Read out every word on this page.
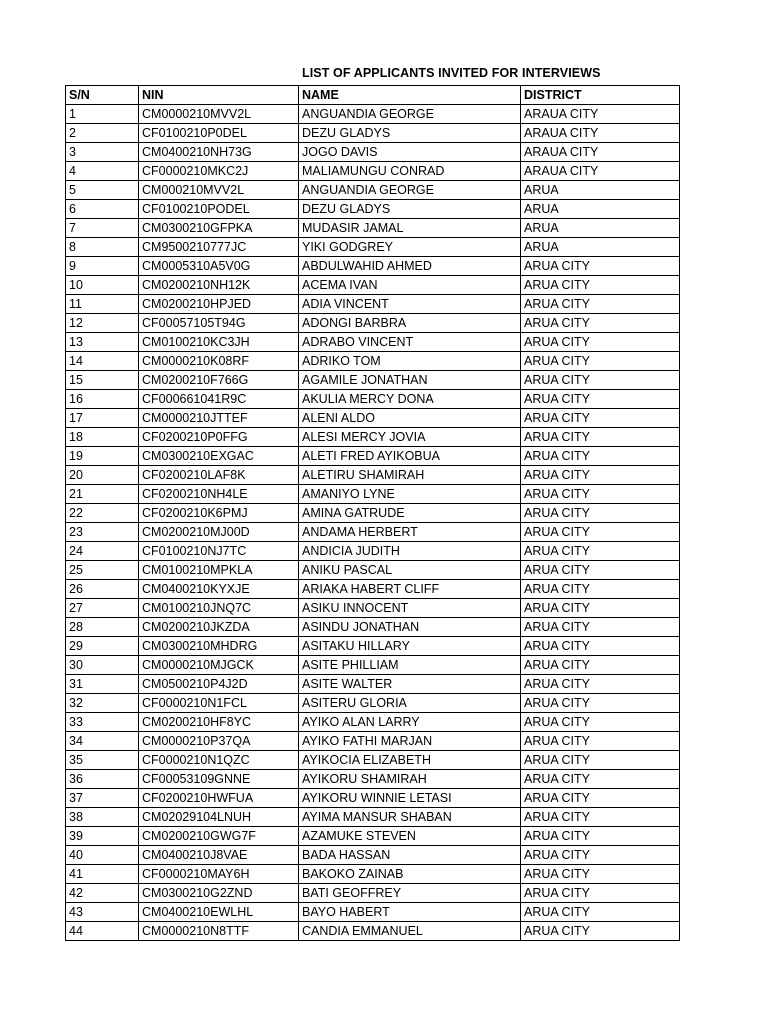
LIST OF APPLICANTS INVITED FOR INTERVIEWS
S/N	NIN	NAME	DISTRICT
1	CM0000210MVV2L	ANGUANDIA GEORGE	ARAUA CITY
2	CF0100210P0DEL	DEZU GLADYS	ARAUA CITY
3	CM0400210NH73G	JOGO DAVIS	ARAUA CITY
4	CF0000210MKC2J	MALIAMUNGU CONRAD	ARAUA CITY
5	CM000210MVV2L	ANGUANDIA GEORGE	ARUA
6	CF0100210PODEL	DEZU GLADYS	ARUA
7	CM0300210GFPKA	MUDASIR JAMAL	ARUA
8	CM9500210777JC	YIKI GODGREY	ARUA
9	CM0005310A5V0G	ABDULWAHID AHMED	ARUA CITY
10	CM0200210NH12K	ACEMA IVAN	ARUA CITY
11	CM0200210HPJED	ADIA VINCENT	ARUA CITY
12	CF00057105T94G	ADONGI BARBRA	ARUA CITY
13	CM0100210KC3JH	ADRABO VINCENT	ARUA CITY
14	CM0000210K08RF	ADRIKO TOM	ARUA CITY
15	CM0200210F766G	AGAMILE JONATHAN	ARUA CITY
16	CF000661041R9C	AKULIA MERCY DONA	ARUA CITY
17	CM0000210JTTEF	ALENI ALDO	ARUA CITY
18	CF0200210P0FFG	ALESI MERCY JOVIA	ARUA CITY
19	CM0300210EXGAC	ALETI FRED AYIKOBUA	ARUA CITY
20	CF0200210LAF8K	ALETIRU SHAMIRAH	ARUA CITY
21	CF0200210NH4LE	AMANIYO LYNE	ARUA CITY
22	CF0200210K6PMJ	AMINA GATRUDE	ARUA CITY
23	CM0200210MJ00D	ANDAMA HERBERT	ARUA CITY
24	CF0100210NJ7TC	ANDICIA JUDITH	ARUA CITY
25	CM0100210MPKLA	ANIKU PASCAL	ARUA CITY
26	CM0400210KYXJE	ARIAKA HABERT CLIFF	ARUA CITY
27	CM0100210JNQ7C	ASIKU INNOCENT	ARUA CITY
28	CM0200210JKZDA	ASINDU JONATHAN	ARUA CITY
29	CM0300210MHDRG	ASITAKU HILLARY	ARUA CITY
30	CM0000210MJGCK	ASITE PHILLIAM	ARUA CITY
31	CM0500210P4J2D	ASITE WALTER	ARUA CITY
32	CF0000210N1FCL	ASITERU GLORIA	ARUA CITY
33	CM0200210HF8YC	AYIKO ALAN LARRY	ARUA CITY
34	CM0000210P37QA	AYIKO FATHI MARJAN	ARUA CITY
35	CF0000210N1QZC	AYIKOCIA ELIZABETH	ARUA CITY
36	CF00053109GNNE	AYIKORU SHAMIRAH	ARUA CITY
37	CF0200210HWFUA	AYIKORU WINNIE LETASI	ARUA CITY
38	CM02029104LNUH	AYIMA MANSUR SHABAN	ARUA CITY
39	CM0200210GWG7F	AZAMUKE STEVEN	ARUA CITY
40	CM0400210J8VAE	BADA HASSAN	ARUA CITY
41	CF0000210MAY6H	BAKOKO ZAINAB	ARUA CITY
42	CM0300210G2ZND	BATI GEOFFREY	ARUA CITY
43	CM0400210EWLHL	BAYO HABERT	ARUA CITY
44	CM0000210N8TTF	CANDIA EMMANUEL	ARUA CITY
